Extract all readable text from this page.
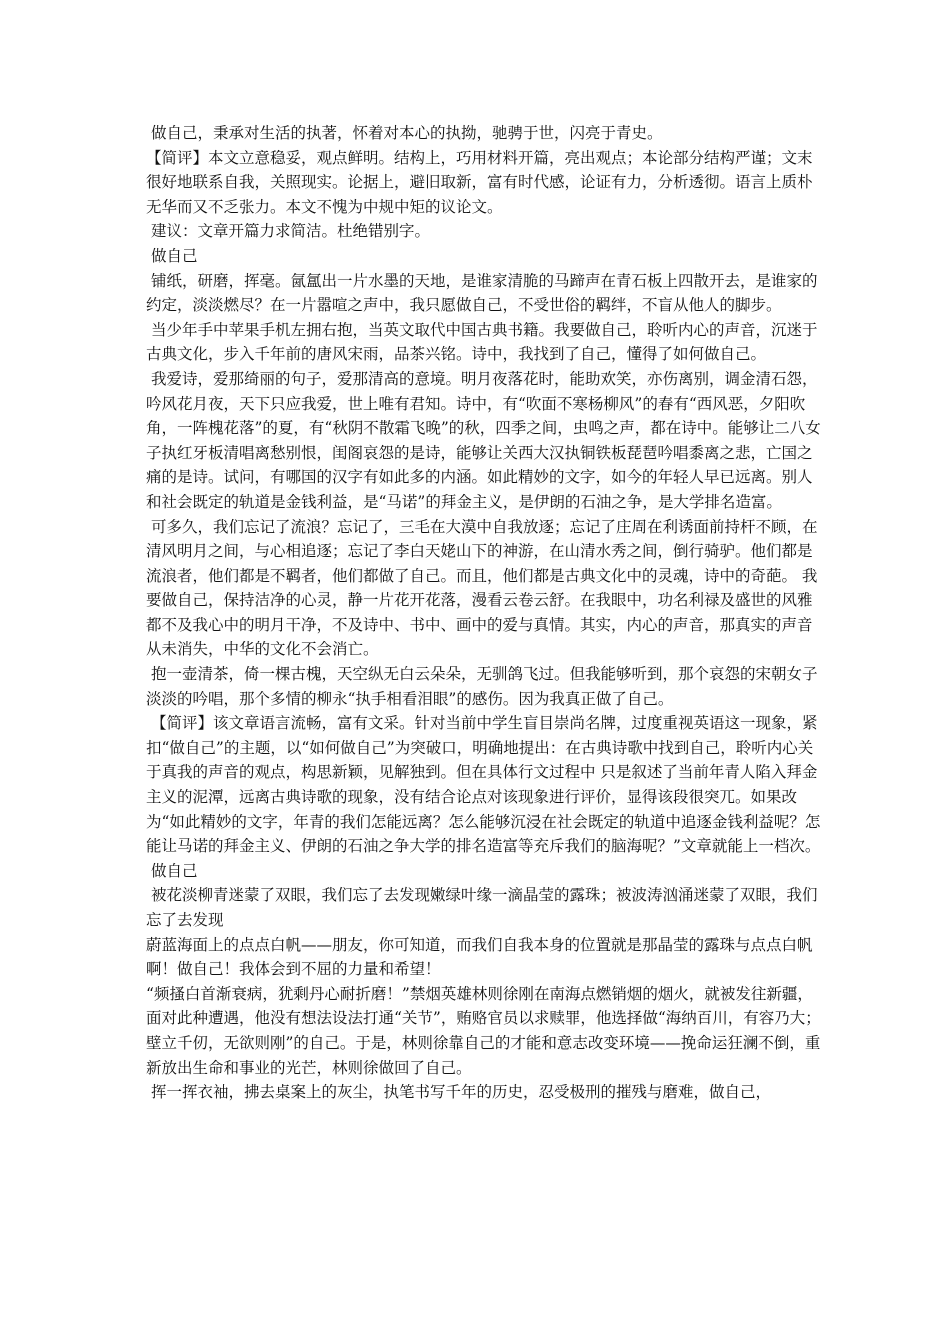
做自己，秉承对生活的执著，怀着对本心的执拗，驰骋于世，闪亮于青史。

【简评】本文立意稳妥，观点鲜明。结构上，巧用材料开篇，亮出观点；本论部分结构严谨；文末很好地联系自我，关照现实。论据上，避旧取新，富有时代感，论证有力，分析透彻。语言上质朴无华而又不乏张力。本文不愧为中规中矩的议论文。

建议：文章开篇力求简洁。杜绝错别字。

做自己

铺纸，研磨，挥毫。氤氲出一片水墨的天地，是谁家清脆的马蹄声在青石板上四散开去，是谁家的约定，淡淡燃尽？在一片嚣喧之声中，我只愿做自己，不受世俗的羁绊，不盲从他人的脚步。

当少年手中苹果手机左拥右抱，当英文取代中国古典书籍。我要做自己，聆听内心的声音，沉迷于古典文化，步入千年前的唐风宋雨，品茶兴铭。诗中，我找到了自己，懂得了如何做自己。

我爱诗，爱那绮丽的句子，爱那清高的意境。明月夜落花时，能助欢笑，亦伤离别，调金清石怨，吟风花月夜，天下只应我爱，世上唯有君知。诗中，有“吹面不寒杨柳风”的春有“西风恶，夕阳吹角，一阵槐花落”的夏，有“秋阴不散霜飞晚”的秋，四季之间，虫鸣之声，都在诗中。能够让二八女子执红牙板清唱离愁别恨，闺阁哀怨的是诗，能够让关西大汉执铜铁板琵琶吟唱黍离之悲，亡国之痛的是诗。试问，有哪国的汉字有如此多的内涵。如此精妙的文字，如今的年轻人早已远离。别人和社会既定的轨道是金钱利益，是“马诺”的拜金主义，是伊朗的石油之争，是大学排名造富。

可多久，我们忘记了流浪？忘记了，三毛在大漠中自我放逐；忘记了庄周在利诱面前持杆不顾，在清风明月之间，与心相追逐；忘记了李白天姥山下的神游，在山清水秀之间，倒行骑驴。他们都是流浪者，他们都是不羁者，他们都做了自己。而且，他们都是古典文化中的灵魂，诗中的奇葩。 我要做自己，保持洁净的心灵，静一片花开花落，漫看云卷云舒。在我眼中，功名利禄及盛世的风雅都不及我心中的明月干净，不及诗中、书中、画中的爱与真情。其实，内心的声音，那真实的声音从未消失，中华的文化不会消亡。

抱一壶清茶，倚一棵古槐，天空纵无白云朵朵，无驯鸽飞过。但我能够听到，那个哀怨的宋朝女子淡淡的吟唱，那个多情的柳永“执手相看泪眼”的感伤。因为我真正做了自己。

【简评】该文章语言流畅，富有文采。针对当前中学生盲目崇尚名牌，过度重视英语这一现象，紧扣“做自己”的主题，以“如何做自己”为突破口，明确地提出：在古典诗歌中找到自己，聆听内心关于真我的声音的观点，构思新颖，见解独到。但在具体行文过程中 只是叙述了当前年青人陷入拜金主义的泥潭，远离古典诗歌的现象，没有结合论点对该现象进行评价，显得该段很突兀。如果改为“如此精妙的文字，年青的我们怎能远离？怎么能够沉浸在社会既定的轨道中追逐金钱利益呢？怎能让马诺的拜金主义、伊朗的石油之争大学的排名造富等充斥我们的脑海呢？”文章就能上一档次。

做自己

被花淡柳青迷蒙了双眼，我们忘了去发现嫩绿叶缘一滴晶莹的露珠；被波涛汹涌迷蒙了双眼，我们忘了去发现

蔚蓝海面上的点点白帆——朋友，你可知道，而我们自我本身的位置就是那晶莹的露珠与点点白帆啊！做自己！我体会到不屈的力量和希望！

“频搔白首渐衰病，犹剩丹心耐折磨！”禁烟英雄林则徐刚在南海点燃销烟的烟火，就被发往新疆，面对此种遭遇，他没有想法设法打通“关节”，贿赂官员以求赎罪，他选择做“海纳百川，有容乃大；壁立千仞，无欲则刚”的自己。于是，林则徐靠自己的才能和意志改变环境——挽命运狂澜不倒，重新放出生命和事业的光芒，林则徐做回了自己。

挥一挥衣袖，拂去桌案上的灰尘，执笔书写千年的历史，忍受极刑的摧残与磨难，做自己，
